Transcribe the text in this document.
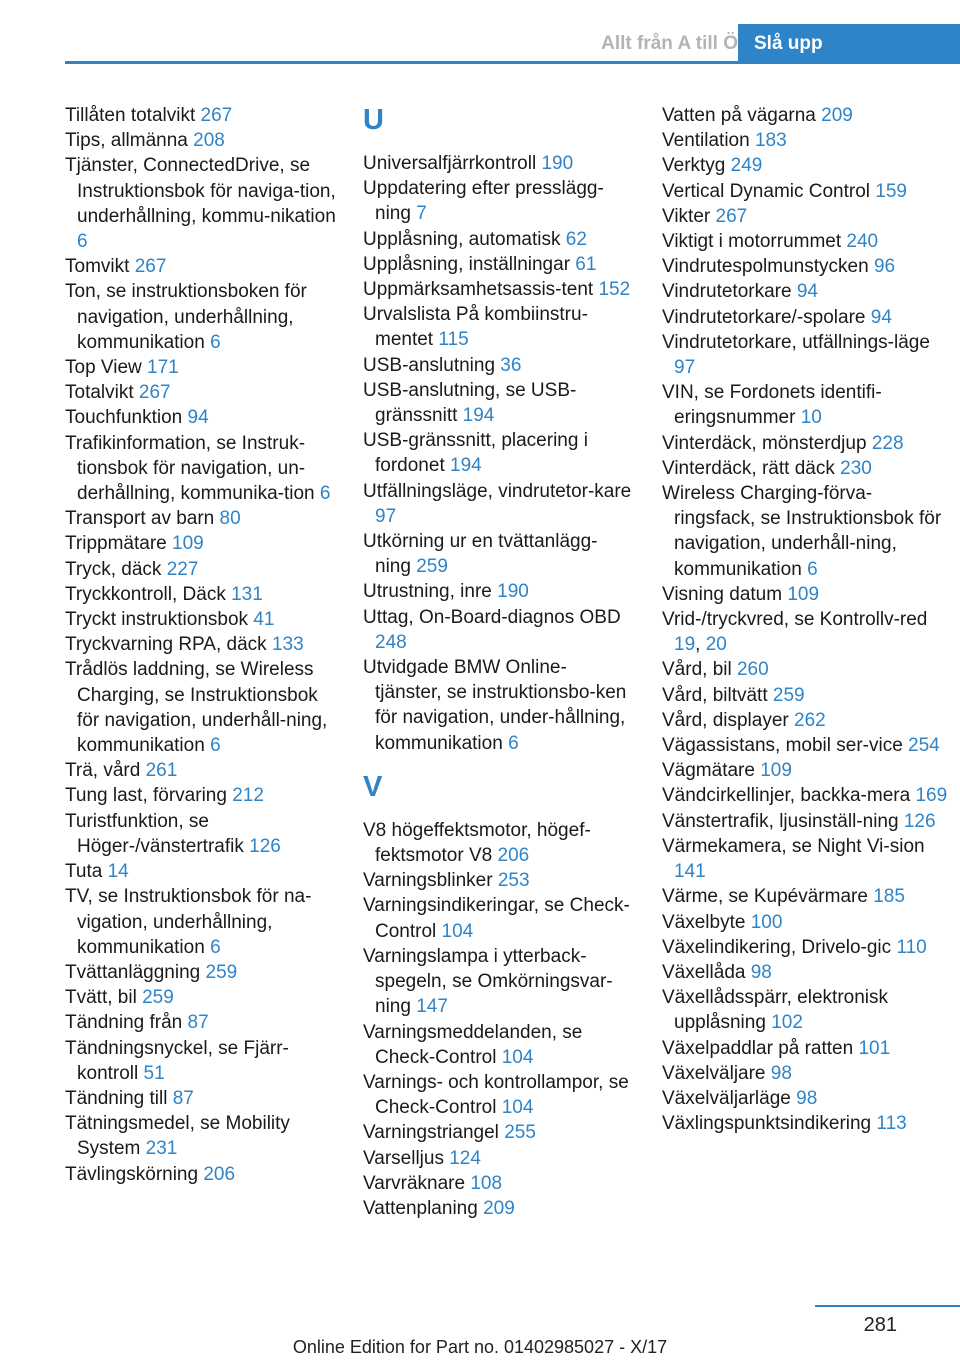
Allt från A till Ö Slå upp
Tillåten totalvikt 267
Tips, allmänna 208
Tjänster, ConnectedDrive, se Instruktionsbok för naviga‐tion, underhållning, kommu‐nikation 6
Tomvikt 267
Ton, se instruktionsboken för navigation, underhållning, kommunikation 6
Top View 171
Totalvikt 267
Touchfunktion 94
Trafikinformation, se Instruk‐tionsbok för navigation, un‐derhållning, kommunika‐tion 6
Transport av barn 80
Trippmätare 109
Tryck, däck 227
Tryckkontroll, Däck 131
Tryckt instruktionsbok 41
Tryckvarning RPA, däck 133
Trådlös laddning, se Wireless Charging, se Instruktionsbok för navigation, underhåll‐ning, kommunikation 6
Trä, vård 261
Tung last, förvaring 212
Turistfunktion, se Höger-/vänstertrafik 126
Tuta 14
TV, se Instruktionsbok för na‐vigation, underhållning, kommunikation 6
Tvättanläggning 259
Tvätt, bil 259
Tändning från 87
Tändningsnyckel, se Fjärr‐kontroll 51
Tändning till 87
Tätningsmedel, se Mobility System 231
Tävlingskörning 206
U
Universalfjärrkontroll 190
Uppdatering efter presslägg‐ning 7
Upplåsning, automatisk 62
Upplåsning, inställningar 61
Uppmärksamhetsassis‐tent 152
Urvalslista På kombiinstru‐mentet 115
USB-anslutning 36
USB-anslutning, se USB-gränssnitt 194
USB-gränssnitt, placering i fordonet 194
Utfällningsläge, vindrutetor‐kare 97
Utkörning ur en tvättanlägg‐ning 259
Utrustning, inre 190
Uttag, On-Board-diagnos OBD 248
Utvidgade BMW Online-tjänster, se instruktionsbo‐ken för navigation, under‐hållning, kommunikation 6
V
V8 högeffektsmotor, högef‐fektsmotor V8 206
Varningsblinker 253
Varningsindikeringar, se Check-Control 104
Varningslampa i ytterback‐spegeln, se Omkörningsvar‐ning 147
Varningsmeddelanden, se Check-Control 104
Varnings- och kontrollampor, se Check-Control 104
Varningstriangel 255
Varselljus 124
Varvräknare 108
Vattenplaning 209
Vatten på vägarna 209
Ventilation 183
Verktyg 249
Vertical Dynamic Control 159
Vikter 267
Viktigt i motorrummet 240
Vindrutespolmunstycken 96
Vindrutetorkare 94
Vindrutetorkare/-spolare 94
Vindrutetorkare, utfällnings‐läge 97
VIN, se Fordonets identifi‐eringsnummer 10
Vinterdäck, mönsterdjup 228
Vinterdäck, rätt däck 230
Wireless Charging-förva‐ringsfack, se Instruktionsbok för navigation, underhåll‐ning, kommunikation 6
Visning datum 109
Vrid-/tryckvred, se Kontrollv‐red 19, 20
Vård, bil 260
Vård, biltvätt 259
Vård, displayer 262
Vägassistans, mobil ser‐vice 254
Vägmätare 109
Vändcirkellinjer, backka‐mera 169
Vänstertrafik, ljusinställ‐ning 126
Värmekamera, se Night Vi‐sion 141
Värme, se Kupévärmare 185
Växelbyte 100
Växelindikering, Drivelo‐gic 110
Växellåda 98
Växellådsspärr, elektronisk upplåsning 102
Växelpaddlar på ratten 101
Växelväljare 98
Växelväljarläge 98
Växlingspunktsindikering 113
281
Online Edition for Part no. 01402985027 - X/17
